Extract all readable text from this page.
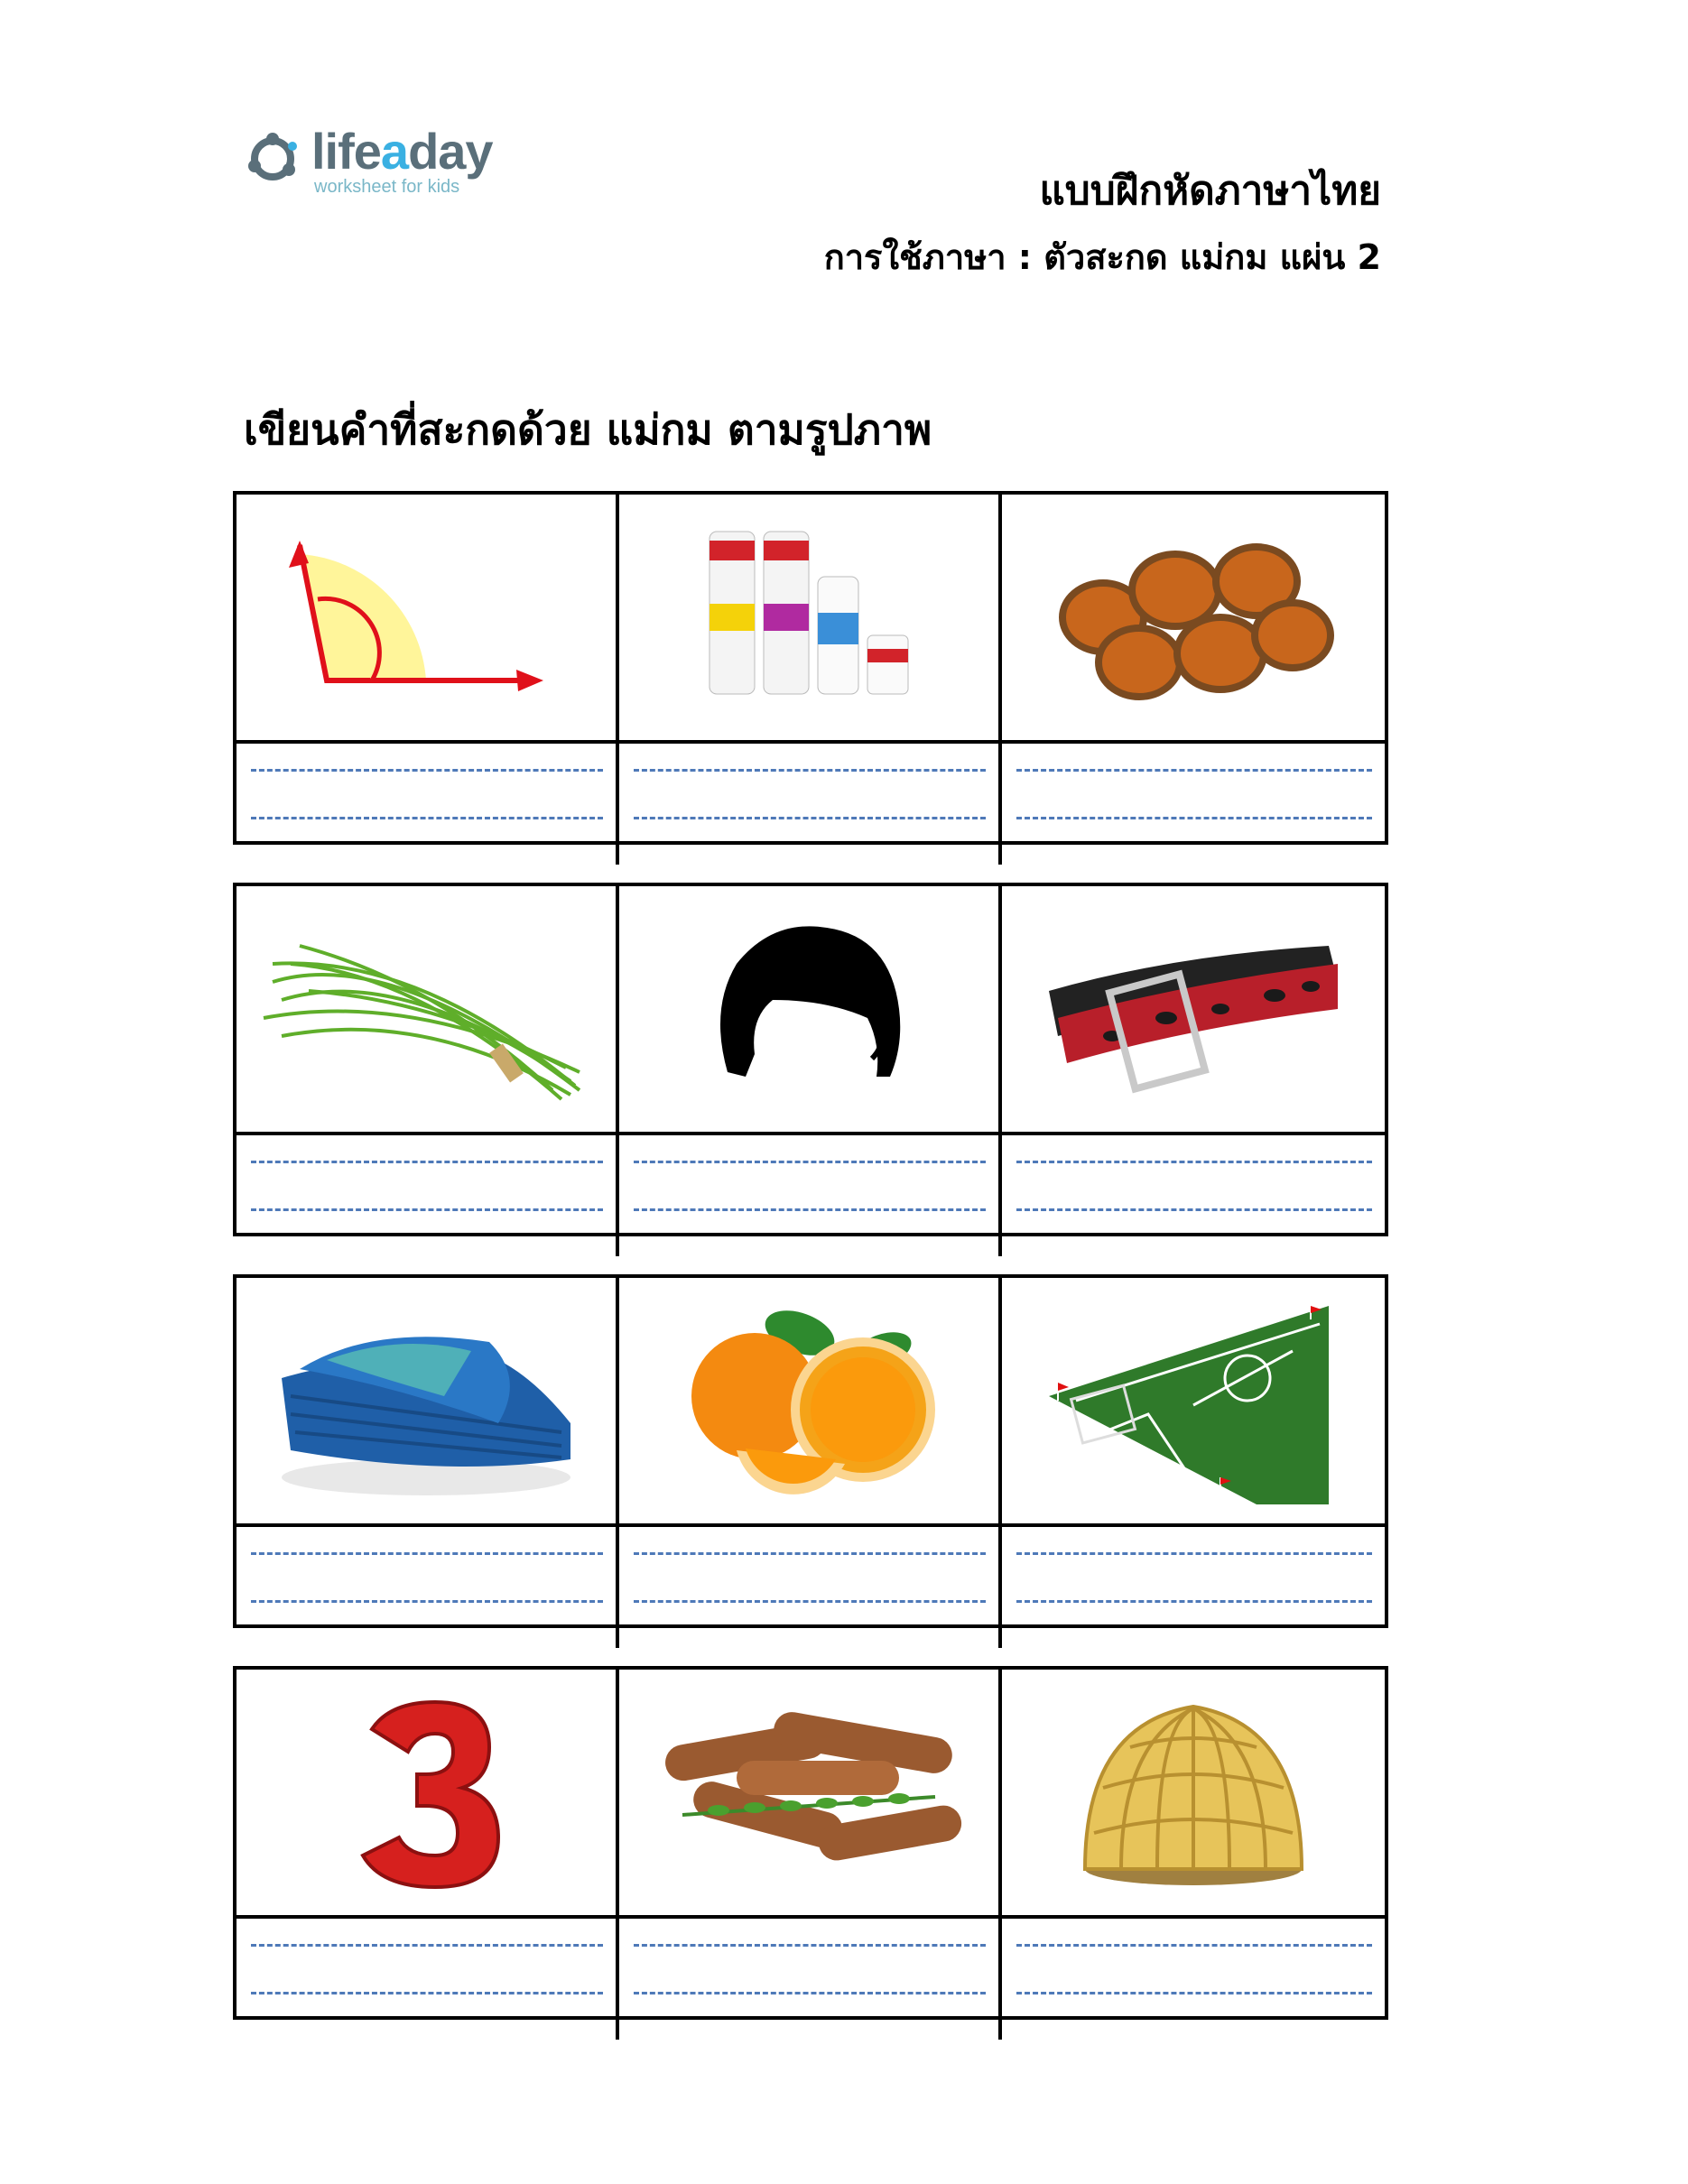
lifeaday
worksheet for kids	แบบฝึกหัดภาษาไทย
การใช้ภาษา : ตัวสะกด แม่กม แผ่น 2
เขียนคำที่สะกดด้วย แม่กม ตามรูปภาพ
